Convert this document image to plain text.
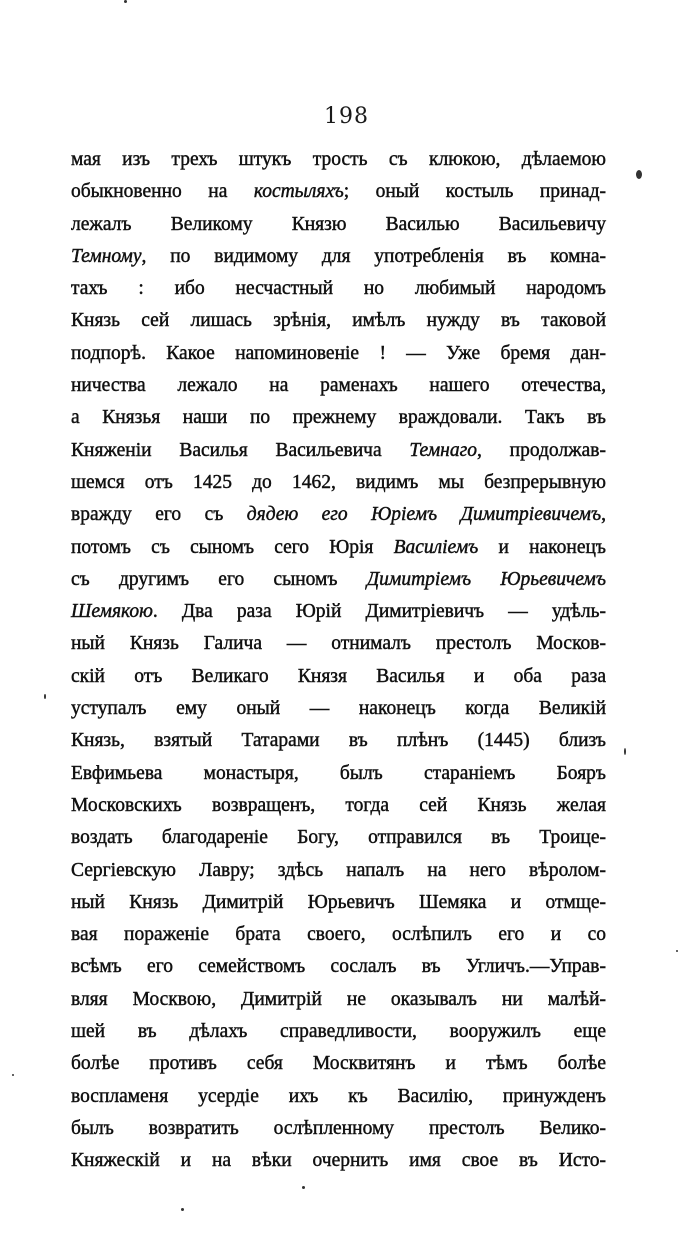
198
мая изъ трехъ штукъ трость съ клюкою, дѣлаемою
обыкновенно на костыляхъ; оный костыль принад-
лежалъ Великому Князю Василью Васильевичу
Темному, по видимому для употребленія въ комна-
тахъ : ибо несчастный но любимый народомъ
Князь сей лишась зрѣнія, имѣлъ нужду въ таковой
подпорѣ. Какое напоминовеніе ! — Уже бремя дан-
ничества лежало на раменахъ нашего отечества,
а Князья наши по прежнему враждовали. Такъ въ
Княженіи Василья Васильевича Темнаго, продолжав-
шемся отъ 1425 до 1462, видимъ мы безпрерывную
вражду его съ дядею его Юріемъ Димитріевичемъ,
потомъ съ сыномъ сего Юрія Василіемъ и наконецъ
съ другимъ его сыномъ Димитріемъ Юрьевичемъ
Шемякою. Два раза Юрій Димитріевичъ — удѣль-
ный Князь Галича — отнималъ престолъ Москов-
скій отъ Великаго Князя Василья и оба раза
уступалъ ему оный — наконецъ когда Великій
Князь, взятый Татарами въ плѣнъ (1445) близъ
Евфимьева монастыря, былъ стараніемъ Бояръ
Московскихъ возвращенъ, тогда сей Князь желая
воздать благодареніе Богу, отправился въ Троице-
Сергіевскую Лавру; здѣсь напалъ на него вѣролом-
ный Князь Димитрій Юрьевичъ Шемяка и отмще-
вая пораженіе брата своего, ослѣпилъ его и со
всѣмъ его семействомъ сослалъ въ Угличъ.—Управ-
вляя Москвою, Димитрій не оказывалъ ни малѣй-
шей въ дѣлахъ справедливости, вооружилъ еще
болѣе противъ себя Москвитянъ и тѣмъ болѣе
воспламеня усердіе ихъ къ Василію, принужденъ
былъ возвратить ослѣпленному престолъ Велико-
Княжескій и на вѣки очернить имя свое въ Исто-
